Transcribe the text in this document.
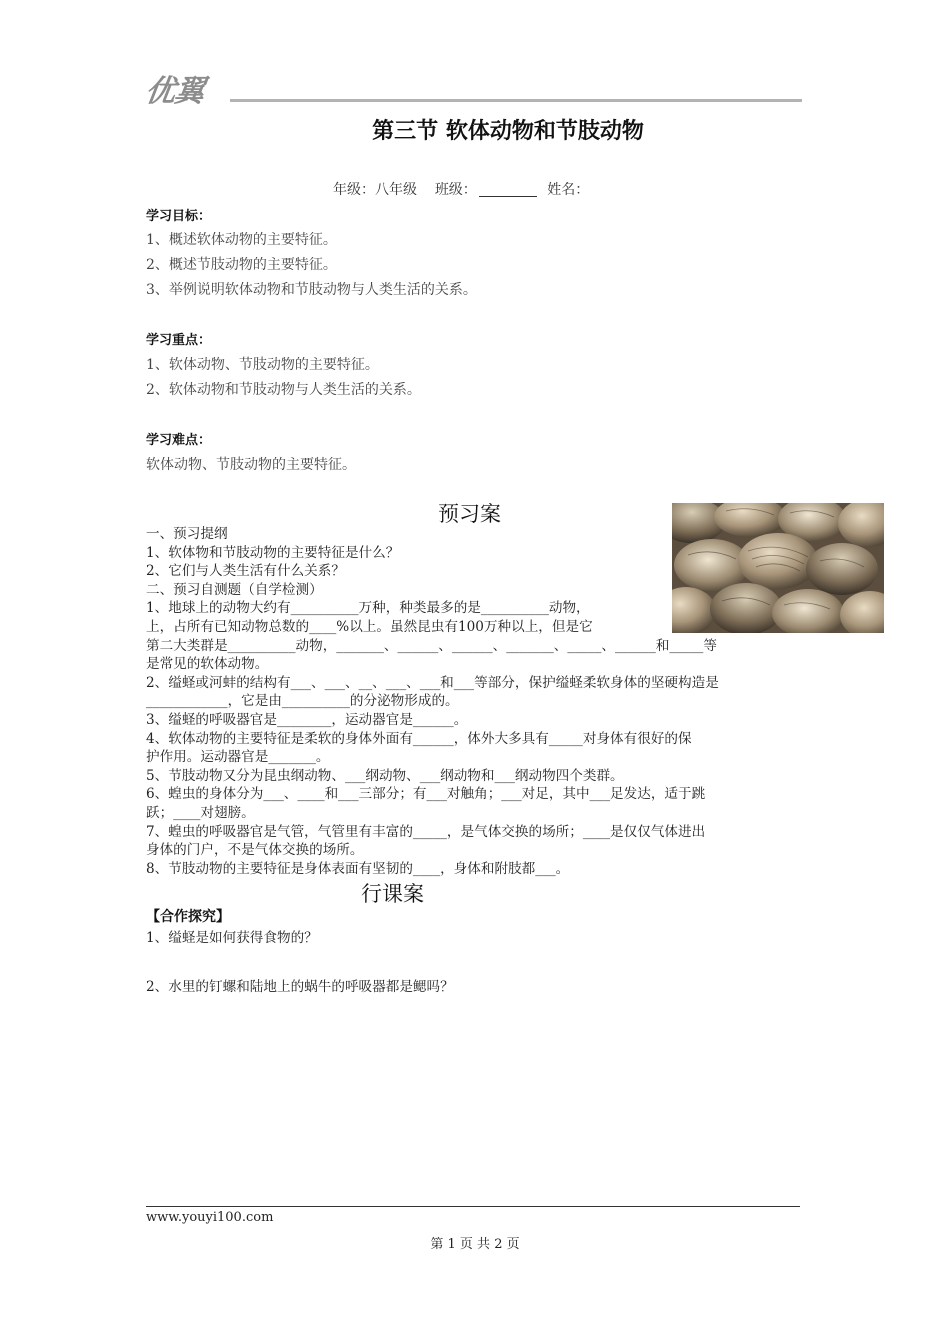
优翼
第三节 软体动物和节肢动物
年级：八年级 班级：	姓名：
学习目标：
1、概述软体动物的主要特征。
2、概述节肢动物的主要特征。
3、举例说明软体动物和节肢动物与人类生活的关系。
学习重点：
1、软体动物、节肢动物的主要特征。
2、软体动物和节肢动物与人类生活的关系。
学习难点：
软体动物、节肢动物的主要特征。
预习案

一、预习提纲

1、软体物和节肢动物的主要特征是什么？

2、它们与人类生活有什么关系？

二、预习自测题（自学检测）

1、地球上的动物大约有__________万种，种类最多的是__________动物，

上，占所有已知动物总数的____%以上。虽然昆虫有100万种以上，但是它

第二大类群是__________动物，_______、______、______、_______、_____、______和_____等

是常见的软体动物。

2、缢蛏或河蚌的结构有___、___、__、___、___和___等部分，保护缢蛏柔软身体的坚硬构造是

____________，它是由__________的分泌物形成的。

3、缢蛏的呼吸器官是________，运动器官是______。

4、软体动物的主要特征是柔软的身体外面有______，体外大多具有_____对身体有很好的保

护作用。运动器官是_______。

5、节肢动物又分为昆虫纲动物、___纲动物、___纲动物和___纲动物四个类群。

6、蝗虫的身体分为___、____和___三部分；有___对触角；___对足，其中___足发达，适于跳

跃；____对翅膀。

7、蝗虫的呼吸器官是气管，气管里有丰富的_____，是气体交换的场所；____是仅仅气体进出

身体的门户，不是气体交换的场所。

8、节肢动物的主要特征是身体表面有坚韧的____，身体和附肢都___。

行课案
【合作探究】
1、缢蛏是如何获得食物的？
2、水里的钉螺和陆地上的蜗牛的呼吸器都是鳃吗？
www.youyi100.com
第 1 页 共 2 页
